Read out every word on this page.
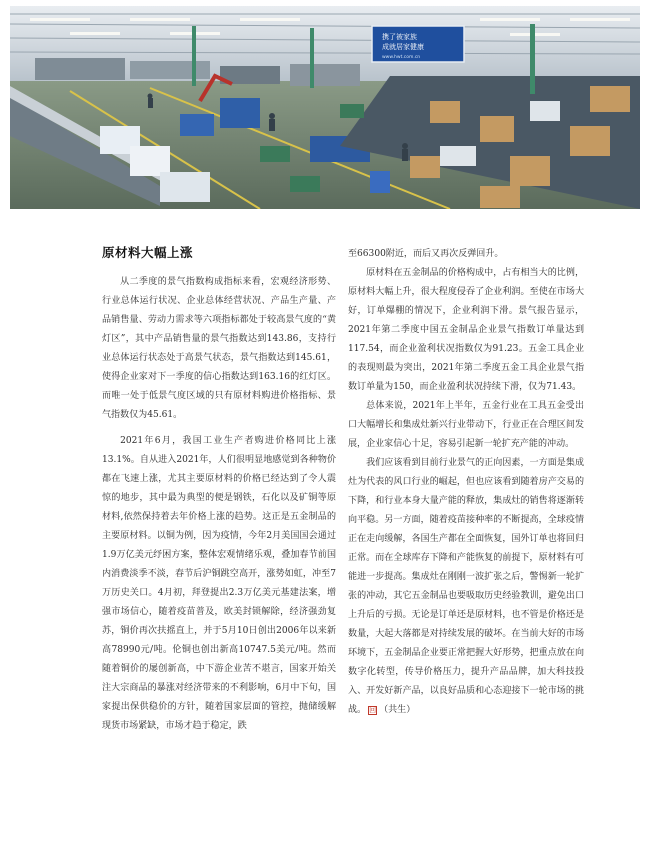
携了被家族
成就居家健康
www.hwt.com.cn
原材料大幅上涨

从二季度的景气指数构成指标来看，宏观经济形势、行业总体运行状况、企业总体经营状况、产品生产量、产品销售量、劳动力需求等六项指标都处于较高景气度的“黄灯区”，其中产品销售量的景气指数达到143.86，支持行业总体运行状态处于高景气状态，景气指数达到145.61，使得企业家对下一季度的信心指数达到163.16的红灯区。而唯一处于低景气度区域的只有原材料购进价格指标、景气指数仅为45.61。

2021年6月，我国工业生产者购进价格同比上涨13.1%。自从进入2021年，人们很明显地感觉到各种物价都在飞速上涨，尤其主要原材料的价格已经达到了令人震惊的地步，其中最为典型的便是钢铁，石化以及矿铜等原材料,依然保持着去年价格上涨的趋势。这正是五金制品的主要原材料。以铜为例，因为疫情，今年2月美国国会通过1.9万亿美元纾困方案，整体宏观情绪乐观，叠加春节前国内消费淡季不淡，春节后沪铜跳空高开，涨势如虹，冲至7万历史关口。4月初，拜登提出2.3万亿美元基建法案，增强市场信心，随着疫苗普及，欧美封锁解除，经济强劲复苏，铜价再次扶摇直上，并于5月10日创出2006年以来新高78990元/吨。伦铜也创出新高10747.5美元/吨。然而随着铜价的屡创新高，中下游企业苦不堪言，国家开始关注大宗商品的暴涨对经济带来的不利影响，6月中下旬，国家提出保供稳价的方针，随着国家层面的管控，抛储缓解现货市场紧缺，市场才趋于稳定，跌

至66300附近，而后又再次反弹回升。

原材料在五金制品的价格构成中，占有相当大的比例，原材料大幅上升，很大程度侵吞了企业利润。至使在市场大好，订单爆棚的情况下，企业利润下滑。景气报告显示，2021年第二季度中国五金制品企业景气指数订单量达到117.54，而企业盈利状况指数仅为91.23。五金工具企业的表现则最为突出，2021年第二季度五金工具企业景气指数订单量为150，而企业盈利状况持续下滑，仅为71.43。

总体来说，2021年上半年，五金行业在工具五金受出口大幅增长和集成灶新兴行业带动下，行业正在合理区间发展，企业家信心十足，容易引起新一轮扩充产能的冲动。

我们应该看到目前行业景气的正向因素，一方面是集成灶为代表的风口行业的崛起，但也应该看到随着房产交易的下降，和行业本身大量产能的释放，集成灶的销售将逐渐转向平稳。另一方面，随着疫苗接种率的不断提高，全球疫情正在走向缓解，各国生产都在全面恢复，国外订单也将回归正常。而在全球库存下降和产能恢复的前提下，原材料有可能进一步提高。集成灶在刚刚一波扩张之后，警惕新一轮扩张的冲动，其它五金制品也要吸取历史经验教训，避免出口上升后的亏损。无论是订单还是原材料，也不管是价格还是数量，大起大落都是对持续发展的破坏。在当前大好的市场环境下，五金制品企业要正常把握大好形势，把重点放在向数字化转型，传导价格压力，提升产品品牌，加大科技投入、开发好新产品，以良好品质和心态迎接下一轮市场的挑战。 回 （共生）
